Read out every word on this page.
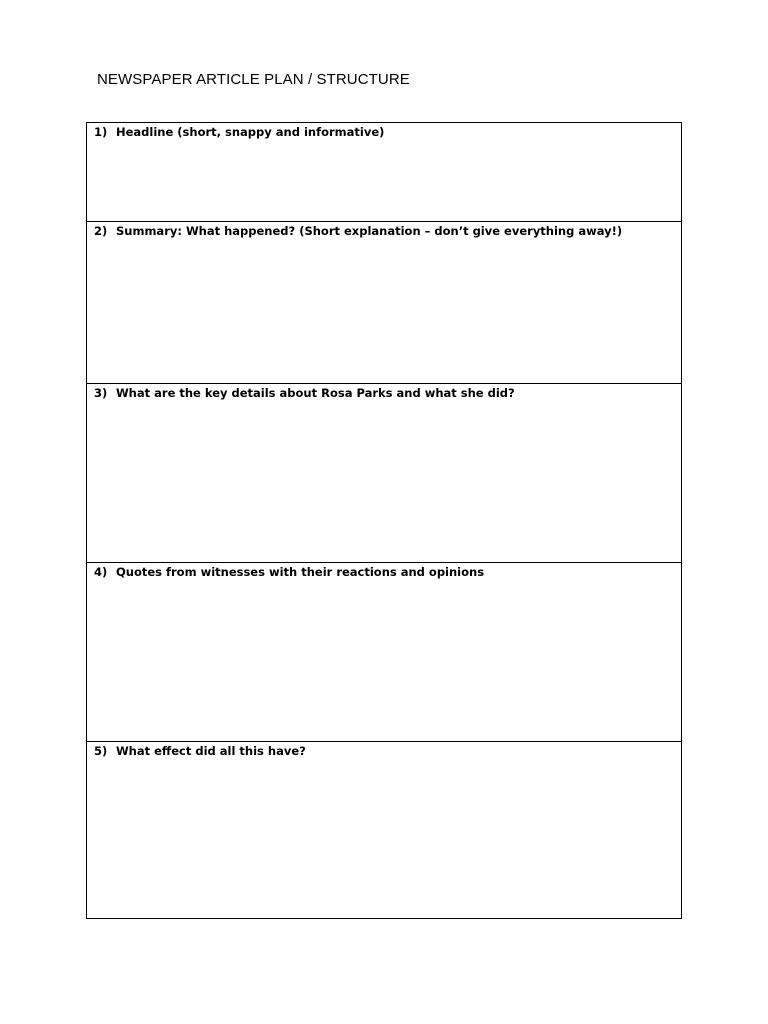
NEWSPAPER ARTICLE PLAN / STRUCTURE
1) Headline (short, snappy and informative)
2) Summary: What happened? (Short explanation – don’t give everything away!)
3) What are the key details about Rosa Parks and what she did?
4) Quotes from witnesses with their reactions and opinions
5) What effect did all this have?
